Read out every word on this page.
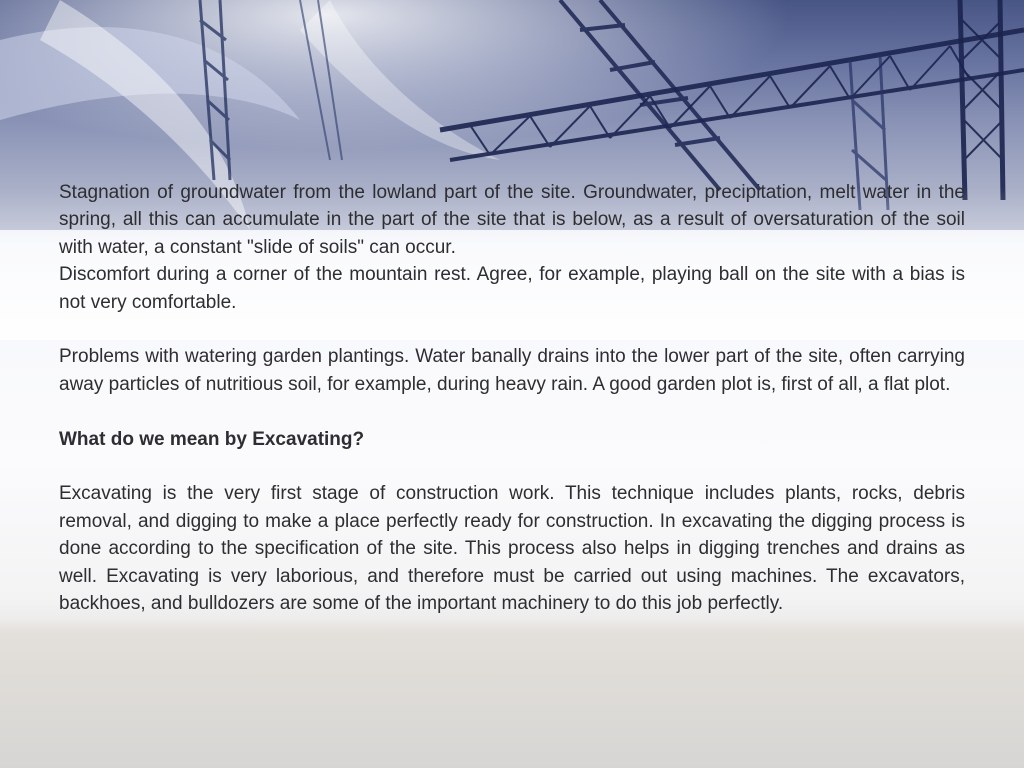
Stagnation of groundwater from the lowland part of the site. Groundwater, precipitation, melt water in the spring, all this can accumulate in the part of the site that is below, as a result of oversaturation of the soil with water, a constant "slide of soils" can occur.

Discomfort during a corner of the mountain rest. Agree, for example, playing ball on the site with a bias is not very comfortable.

Problems with watering garden plantings. Water banally drains into the lower part of the site, often carrying away particles of nutritious soil, for example, during heavy rain. A good garden plot is, first of all, a flat plot.

What do we mean by Excavating?

Excavating is the very first stage of construction work. This technique includes plants, rocks, debris removal, and digging to make a place perfectly ready for construction. In excavating the digging process is done according to the specification of the site. This process also helps in digging trenches and drains as well. Excavating is very laborious, and therefore must be carried out using machines. The excavators, backhoes, and bulldozers are some of the important machinery to do this job perfectly.
